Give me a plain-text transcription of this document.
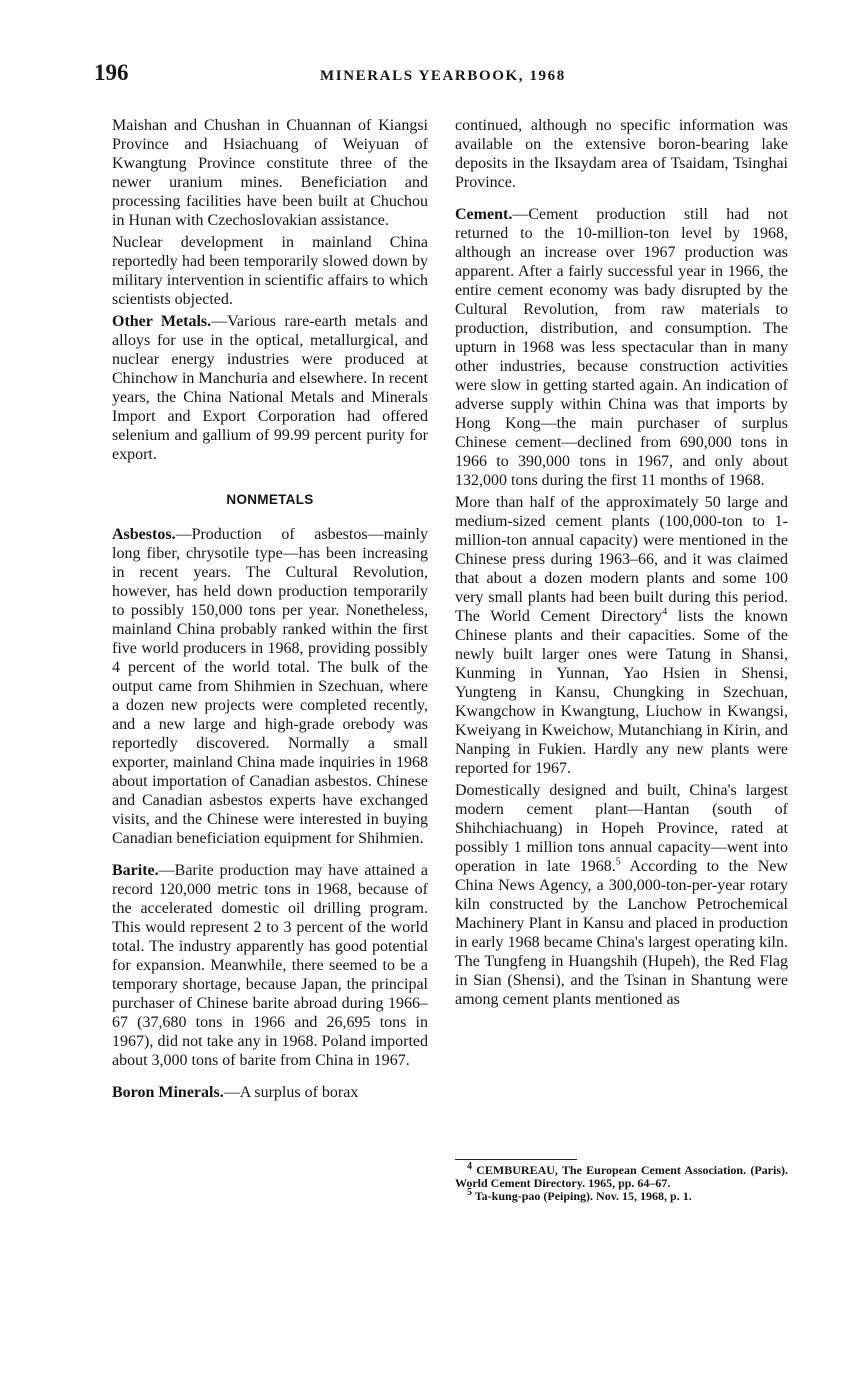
196	MINERALS YEARBOOK, 1968

Maishan and Chushan in Chuannan of Kiangsi Province and Hsiachuang of Weiyuan of Kwangtung Province constitute three of the newer uranium mines. Beneficiation and processing facilities have been built at Chuchou in Hunan with Czechoslovakian assistance.

Nuclear development in mainland China reportedly had been temporarily slowed down by military intervention in scientific affairs to which scientists objected.

Other Metals.—Various rare-earth metals and alloys for use in the optical, metallurgical, and nuclear energy industries were produced at Chinchow in Manchuria and elsewhere. In recent years, the China National Metals and Minerals Import and Export Corporation had offered selenium and gallium of 99.99 percent purity for export.

NONMETALS

Asbestos.—Production of asbestos—mainly long fiber, chrysotile type—has been increasing in recent years. The Cultural Revolution, however, has held down production temporarily to possibly 150,000 tons per year. Nonetheless, mainland China probably ranked within the first five world producers in 1968, providing possibly 4 percent of the world total. The bulk of the output came from Shihmien in Szechuan, where a dozen new projects were completed recently, and a new large and high-grade orebody was reportedly discovered. Normally a small exporter, mainland China made inquiries in 1968 about importation of Canadian asbestos. Chinese and Canadian asbestos experts have exchanged visits, and the Chinese were interested in buying Canadian beneficiation equipment for Shihmien.

Barite.—Barite production may have attained a record 120,000 metric tons in 1968, because of the accelerated domestic oil drilling program. This would represent 2 to 3 percent of the world total. The industry apparently has good potential for expansion. Meanwhile, there seemed to be a temporary shortage, because Japan, the principal purchaser of Chinese barite abroad during 1966–67 (37,680 tons in 1966 and 26,695 tons in 1967), did not take any in 1968. Poland imported about 3,000 tons of barite from China in 1967.

Boron Minerals.—A surplus of borax

continued, although no specific information was available on the extensive boron-bearing lake deposits in the Iksaydam area of Tsaidam, Tsinghai Province.

Cement.—Cement production still had not returned to the 10-million-ton level by 1968, although an increase over 1967 production was apparent. After a fairly successful year in 1966, the entire cement economy was bady disrupted by the Cultural Revolution, from raw materials to production, distribution, and consumption. The upturn in 1968 was less spectacular than in many other industries, because construction activities were slow in getting started again. An indication of adverse supply within China was that imports by Hong Kong—the main purchaser of surplus Chinese cement—declined from 690,000 tons in 1966 to 390,000 tons in 1967, and only about 132,000 tons during the first 11 months of 1968.

More than half of the approximately 50 large and medium-sized cement plants (100,000-ton to 1-million-ton annual capacity) were mentioned in the Chinese press during 1963–66, and it was claimed that about a dozen modern plants and some 100 very small plants had been built during this period. The World Cement Directory$^4$ lists the known Chinese plants and their capacities. Some of the newly built larger ones were Tatung in Shansi, Kunming in Yunnan, Yao Hsien in Shensi, Yungteng in Kansu, Chungking in Szechuan, Kwangchow in Kwangtung, Liuchow in Kwangsi, Kweiyang in Kweichow, Mutanchiang in Kirin, and Nanping in Fukien. Hardly any new plants were reported for 1967.

Domestically designed and built, China's largest modern cement plant—Hantan (south of Shihchiachuang) in Hopeh Province, rated at possibly 1 million tons annual capacity—went into operation in late 1968.$^5$ According to the New China News Agency, a 300,000-ton-per-year rotary kiln constructed by the Lanchow Petrochemical Machinery Plant in Kansu and placed in production in early 1968 became China's largest operating kiln. The Tungfeng in Huangshih (Hupeh), the Red Flag in Sian (Shensi), and the Tsinan in Shantung were among cement plants mentioned as

$^4$ CEMBUREAU, The European Cement Association. (Paris). World Cement Directory. 1965, pp. 64–67.

$^5$ Ta-kung-pao (Peiping). Nov. 15, 1968, p. 1.
